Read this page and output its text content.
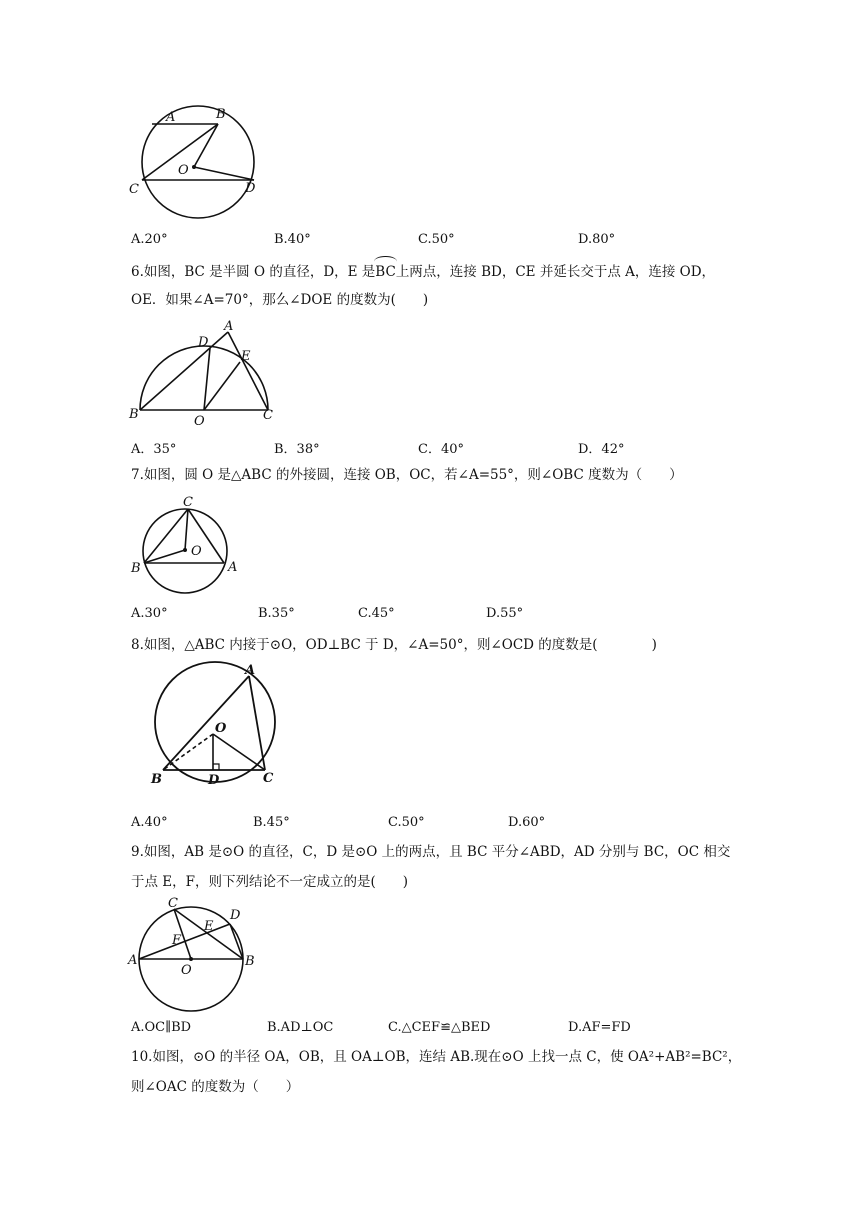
A	B
C	D
O
A.20°	B.40°	C.50°	D.80°
6.如图，BC 是半圆 O 的直径，D，E 是BC上两点，连接 BD，CE 并延长交于点 A，连接 OD，
OE．如果∠A=70°，那么∠DOE 的度数为(　　)
A
D
E
B	O	C
A．35°	B．38°	C．40°	D．42°
7.如图，圆 O 是△ABC 的外接圆，连接 OB，OC，若∠A=55°，则∠OBC 度数为（　　）
C
O
B	A
A.30°	B.35°	C.45°	D.55°
8.如图，△ABC 内接于⊙O，OD⊥BC 于 D，∠A=50°，则∠OCD 的度数是(　　　　)
A
O
B	D	C
A.40°	B.45°	C.50°	D.60°
9.如图，AB 是⊙O 的直径，C，D 是⊙O 上的两点，且 BC 平分∠ABD，AD 分别与 BC，OC 相交
于点 E，F，则下列结论不一定成立的是(　　)
C
D
E
F
A
O
B
A.OC∥BD	B.AD⊥OC	C.△CEF≌△BED	D.AF=FD
10.如图，⊙O 的半径 OA，OB，且 OA⊥OB，连结 AB.现在⊙O 上找一点 C，使 OA²+AB²=BC²，
则∠OAC 的度数为（　　）
